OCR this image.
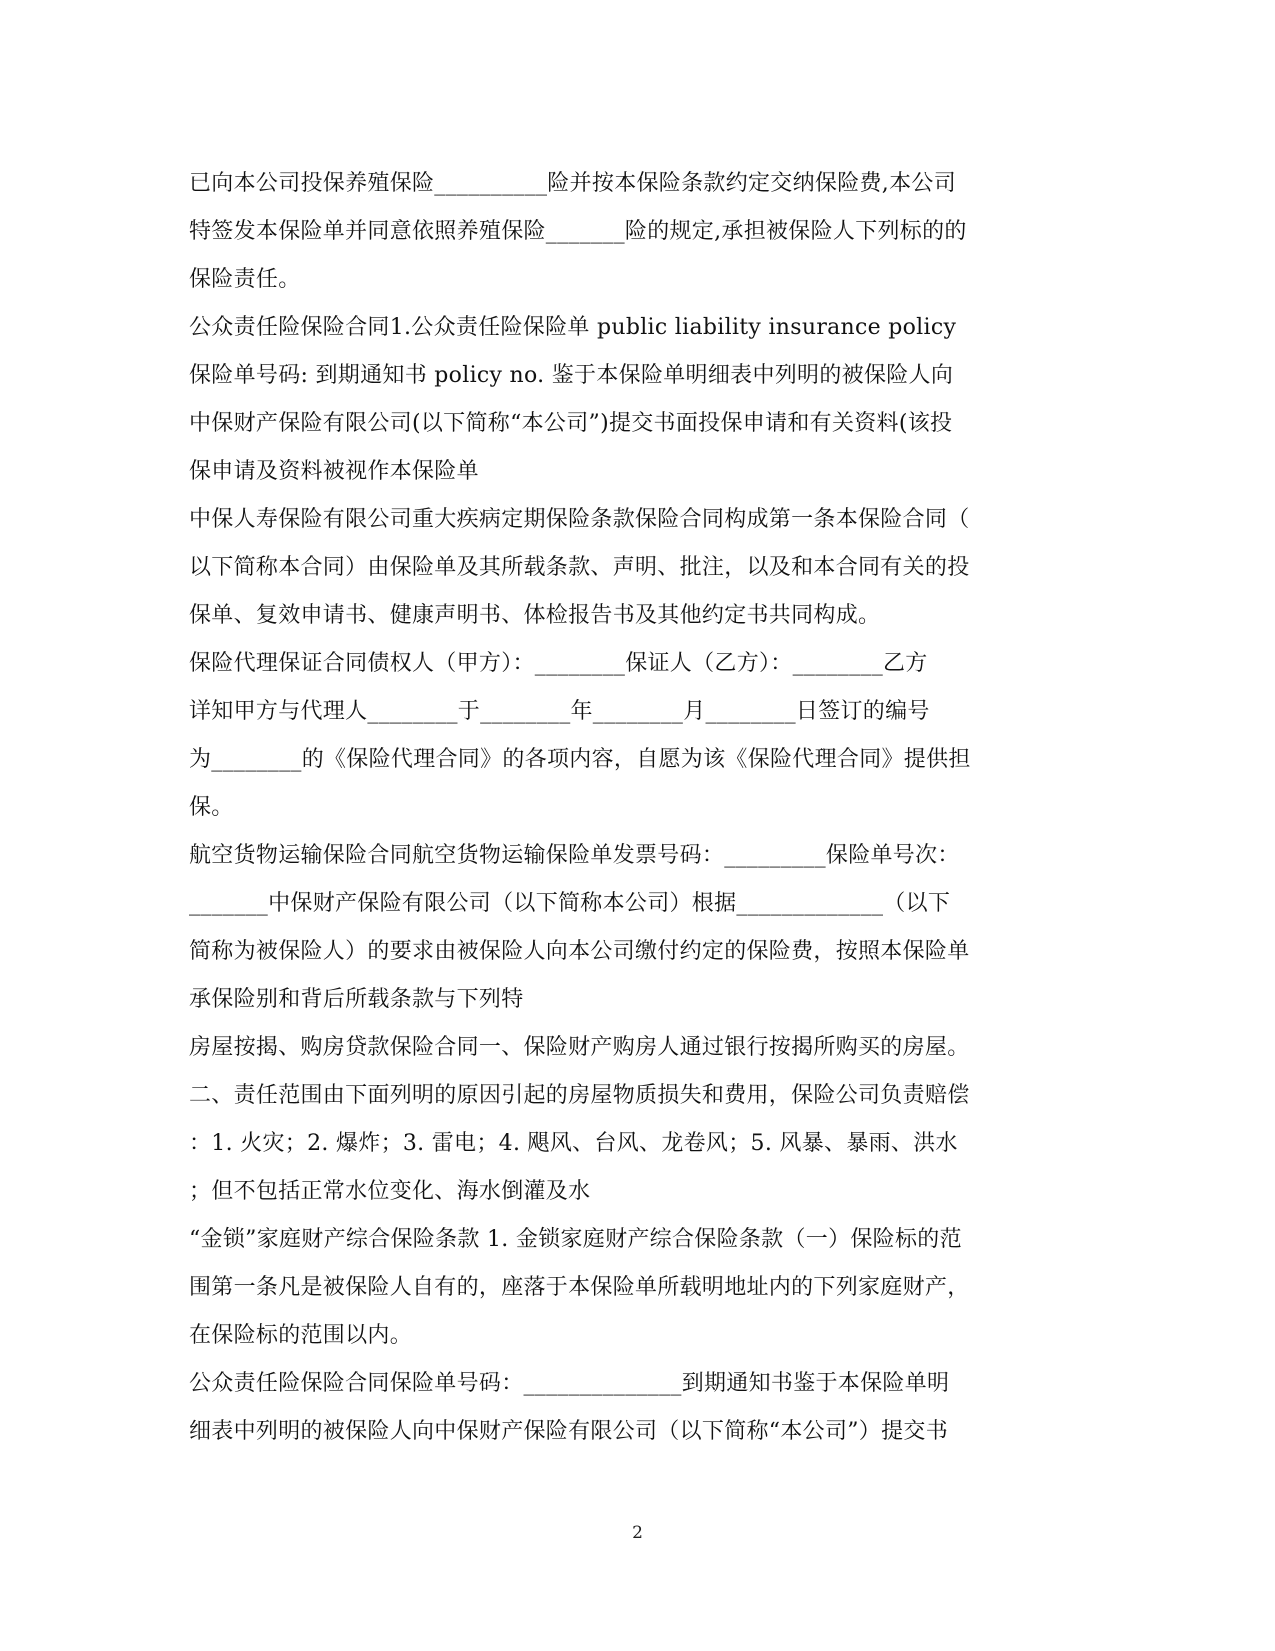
已向本公司投保养殖保险__________险并按本保险条款约定交纳保险费,本公司
特签发本保险单并同意依照养殖保险_______险的规定,承担被保险人下列标的的
保险责任。
公众责任险保险合同1.公众责任险保险单 public liability insurance policy
保险单号码: 到期通知书 policy no. 鉴于本保险单明细表中列明的被保险人向
中保财产保险有限公司(以下简称“本公司”)提交书面投保申请和有关资料(该投
保申请及资料被视作本保险单
中保人寿保险有限公司重大疾病定期保险条款保险合同构成第一条本保险合同（
以下简称本合同）由保险单及其所载条款、声明、批注，以及和本合同有关的投
保单、复效申请书、健康声明书、体检报告书及其他约定书共同构成。
保险代理保证合同债权人（甲方）：________保证人（乙方）：________乙方
详知甲方与代理人________于________年________月________日签订的编号
为________的《保险代理合同》的各项内容，自愿为该《保险代理合同》提供担
保。
航空货物运输保险合同航空货物运输保险单发票号码：_________保险单号次：
_______中保财产保险有限公司（以下简称本公司）根据_____________（以下
简称为被保险人）的要求由被保险人向本公司缴付约定的保险费，按照本保险单
承保险别和背后所载条款与下列特
房屋按揭、购房贷款保险合同一、保险财产购房人通过银行按揭所购买的房屋。
二、责任范围由下面列明的原因引起的房屋物质损失和费用，保险公司负责赔偿
：1. 火灾；2. 爆炸；3. 雷电；4. 飓风、台风、龙卷风；5. 风暴、暴雨、洪水
；但不包括正常水位变化、海水倒灌及水
“金锁”家庭财产综合保险条款 1. 金锁家庭财产综合保险条款（一）保险标的范
围第一条凡是被保险人自有的，座落于本保险单所载明地址内的下列家庭财产，
在保险标的范围以内。
公众责任险保险合同保险单号码：______________到期通知书鉴于本保险单明
细表中列明的被保险人向中保财产保险有限公司（以下简称“本公司”）提交书
2
